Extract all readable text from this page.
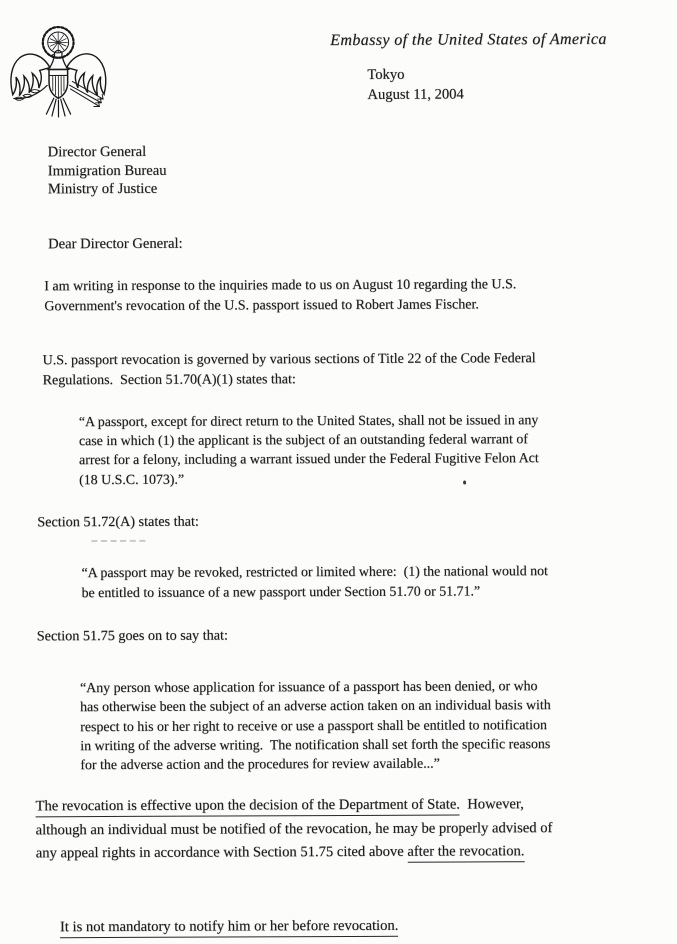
Embassy of the United States of America
Tokyo
August 11, 2004
Director General
Immigration Bureau
Ministry of Justice
Dear Director General:
I am writing in response to the inquiries made to us on August 10 regarding the U.S.
Government's revocation of the U.S. passport issued to Robert James Fischer.
U.S. passport revocation is governed by various sections of Title 22 of the Code Federal
Regulations.  Section 51.70(A)(1) states that:
“A passport, except for direct return to the United States, shall not be issued in any
case in which (1) the applicant is the subject of an outstanding federal warrant of
arrest for a felony, including a warrant issued under the Federal Fugitive Felon Act
(18 U.S.C. 1073).”
Section 51.72(A) states that:
“A passport may be revoked, restricted or limited where:  (1) the national would not
be entitled to issuance of a new passport under Section 51.70 or 51.71.”
Section 51.75 goes on to say that:
“Any person whose application for issuance of a passport has been denied, or who
has otherwise been the subject of an adverse action taken on an individual basis with
respect to his or her right to receive or use a passport shall be entitled to notification
in writing of the adverse writing.  The notification shall set forth the specific reasons
for the adverse action and the procedures for review available...”
The revocation is effective upon the decision of the Department of State.  However,
although an individual must be notified of the revocation, he may be properly advised of
any appeal rights in accordance with Section 51.75 cited above after the revocation.

It is not mandatory to notify him or her before revocation.
